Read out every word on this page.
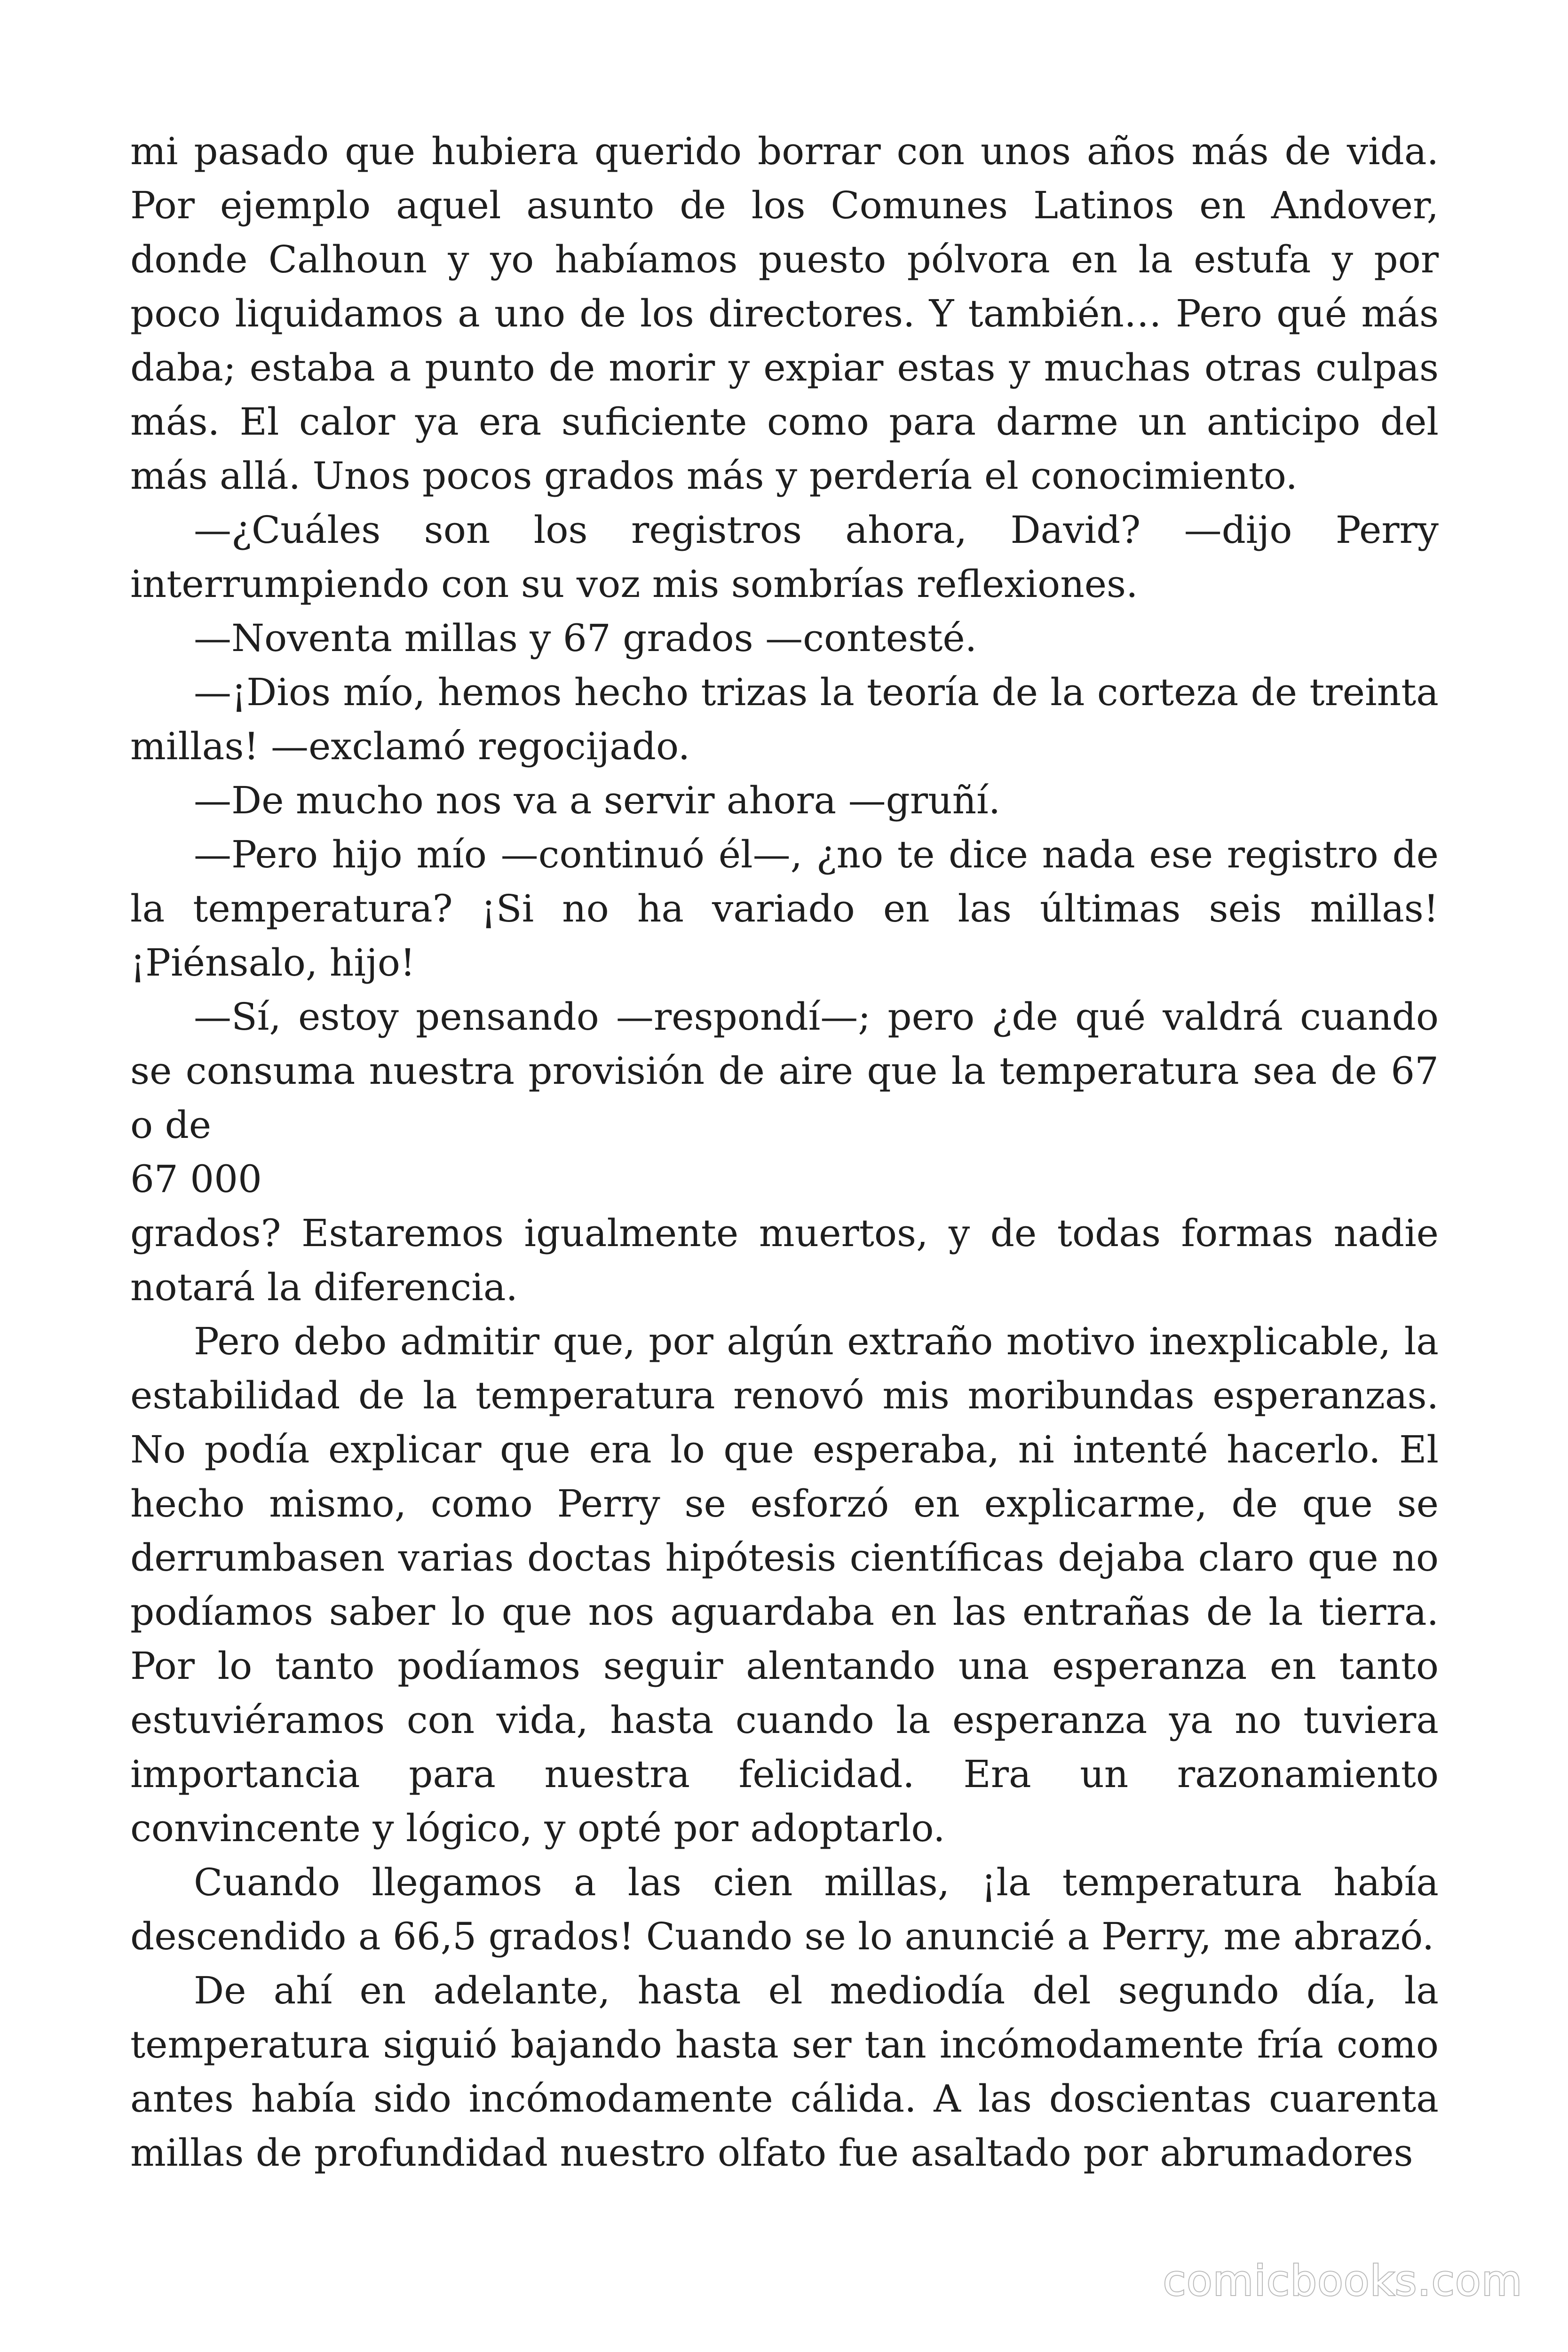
mi pasado que hubiera querido borrar con unos años más de vida. Por ejemplo aquel asunto de los Comunes Latinos en Andover, donde Calhoun y yo habíamos puesto pólvora en la estufa y por poco liquidamos a uno de los directores. Y también… Pero qué más daba; estaba a punto de morir y expiar estas y muchas otras culpas más. El calor ya era suficiente como para darme un anticipo del más allá. Unos pocos grados más y perdería el conocimiento.

—¿Cuáles son los registros ahora, David? —dijo Perry interrumpiendo con su voz mis sombrías reflexiones.

—Noventa millas y 67 grados —contesté.

—¡Dios mío, hemos hecho trizas la teoría de la corteza de treinta millas! —exclamó regocijado.

—De mucho nos va a servir ahora —gruñí.

—Pero hijo mío —continuó él—, ¿no te dice nada ese registro de la temperatura? ¡Si no ha variado en las últimas seis millas! ¡Piénsalo, hijo!

—Sí, estoy pensando —respondí—; pero ¿de qué valdrá cuando se consuma nuestra provisión de aire que la temperatura sea de 67 o de

67 000

grados? Estaremos igualmente muertos, y de todas formas nadie notará la diferencia.

Pero debo admitir que, por algún extraño motivo inexplicable, la estabilidad de la temperatura renovó mis moribundas esperanzas. No podía explicar que era lo que esperaba, ni intenté hacerlo. El hecho mismo, como Perry se esforzó en explicarme, de que se derrumbasen varias doctas hipótesis científicas dejaba claro que no podíamos saber lo que nos aguardaba en las entrañas de la tierra. Por lo tanto podíamos seguir alentando una esperanza en tanto estuviéramos con vida, hasta cuando la esperanza ya no tuviera importancia para nuestra felicidad. Era un razonamiento convincente y lógico, y opté por adoptarlo.

Cuando llegamos a las cien millas, ¡la temperatura había descendido a 66,5 grados! Cuando se lo anuncié a Perry, me abrazó.

De ahí en adelante, hasta el mediodía del segundo día, la temperatura siguió bajando hasta ser tan incómodamente fría como antes había sido incómodamente cálida. A las doscientas cuarenta millas de profundidad nuestro olfato fue asaltado por abrumadores

comicbooks.com
